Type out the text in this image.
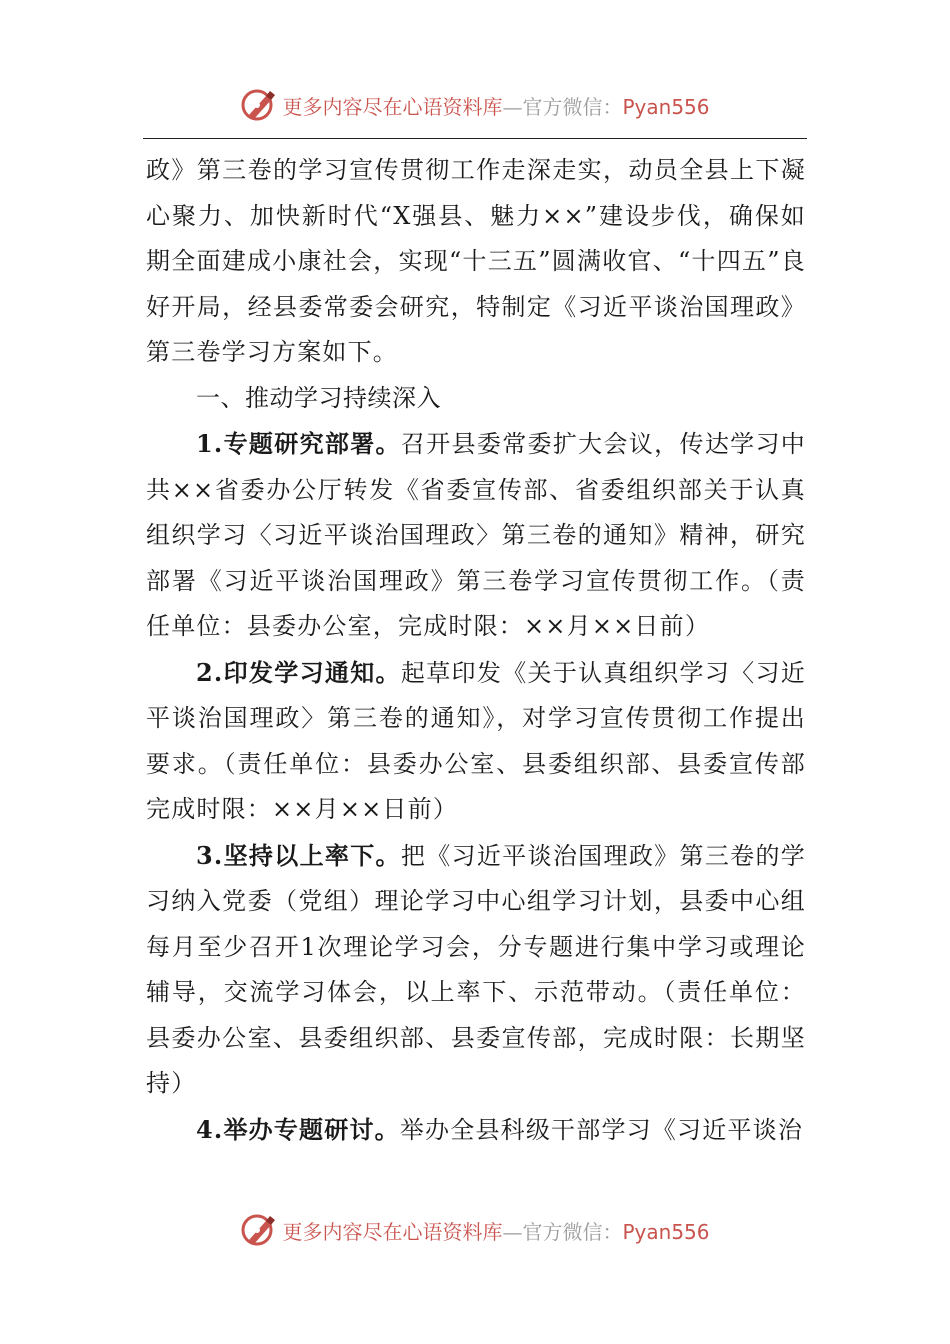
更多内容尽在心语资料库—官方微信：Pyan556

政》第三卷的学习宣传贯彻工作走深走实，动员全县上下凝心聚力、加快新时代“X强县、魅力××”建设步伐，确保如期全面建成小康社会，实现“十三五”圆满收官、“十四五”良好开局，经县委常委会研究，特制定《习近平谈治国理政》第三卷学习方案如下。

一、推动学习持续深入

1.专题研究部署。召开县委常委扩大会议，传达学习中共××省委办公厅转发《省委宣传部、省委组织部关于认真组织学习〈习近平谈治国理政〉第三卷的通知》精神，研究部署《习近平谈治国理政》第三卷学习宣传贯彻工作。（责任单位：县委办公室，完成时限：××月××日前）

2.印发学习通知。起草印发《关于认真组织学习〈习近平谈治国理政〉第三卷的通知》，对学习宣传贯彻工作提出要求。（责任单位：县委办公室、县委组织部、县委宣传部完成时限：××月××日前）

3.坚持以上率下。把《习近平谈治国理政》第三卷的学习纳入党委（党组）理论学习中心组学习计划，县委中心组每月至少召开1次理论学习会，分专题进行集中学习或理论辅导，交流学习体会，以上率下、示范带动。（责任单位：县委办公室、县委组织部、县委宣传部，完成时限：长期坚持）

4.举办专题研讨。举办全县科级干部学习《习近平谈治

更多内容尽在心语资料库—官方微信：Pyan556
